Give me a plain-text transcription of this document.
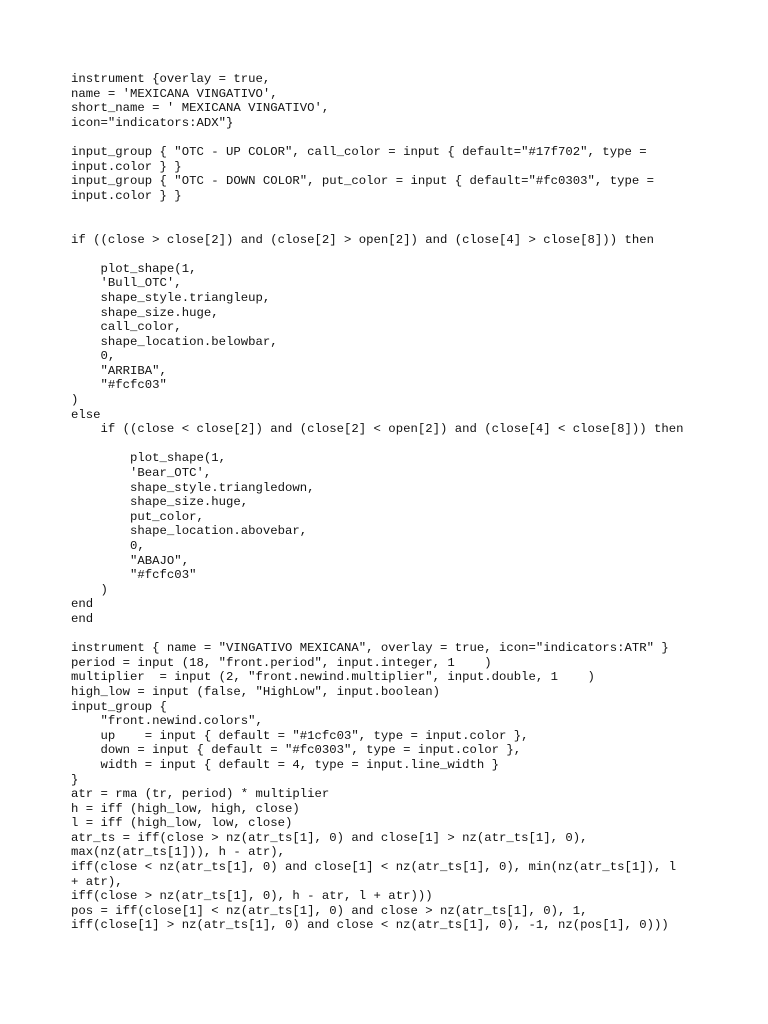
instrument {overlay = true,
name = 'MEXICANA VINGATIVO',
short_name = ' MEXICANA VINGATIVO',
icon="indicators:ADX"}
input_group { "OTC - UP COLOR", call_color = input { default="#17f702", type =
input.color } }
input_group { "OTC - DOWN COLOR", put_color = input { default="#fc0303", type =
input.color } }
if ((close > close[2]) and (close[2] > open[2]) and (close[4] > close[8])) then
plot_shape(1,
'Bull_OTC',
shape_style.triangleup,
shape_size.huge,
call_color,
shape_location.belowbar,
0,
"ARRIBA",
"#fcfc03"
)
else
if ((close < close[2]) and (close[2] < open[2]) and (close[4] < close[8])) then
plot_shape(1,
'Bear_OTC',
shape_style.triangledown,
shape_size.huge,
put_color,
shape_location.abovebar,
0,
"ABAJO",
"#fcfc03"
)
end
end
instrument { name = "VINGATIVO MEXICANA", overlay = true, icon="indicators:ATR" }
period = input (18, "front.period", input.integer, 1    )
multiplier  = input (2, "front.newind.multiplier", input.double, 1    )
high_low = input (false, "HighLow", input.boolean)
input_group {
"front.newind.colors",
up    = input { default = "#1cfc03", type = input.color },
down = input { default = "#fc0303", type = input.color },
width = input { default = 4, type = input.line_width }
}
atr = rma (tr, period) * multiplier
h = iff (high_low, high, close)
l = iff (high_low, low, close)
atr_ts = iff(close > nz(atr_ts[1], 0) and close[1] > nz(atr_ts[1], 0),
max(nz(atr_ts[1])), h - atr),
iff(close < nz(atr_ts[1], 0) and close[1] < nz(atr_ts[1], 0), min(nz(atr_ts[1]), l
+ atr),
iff(close > nz(atr_ts[1], 0), h - atr, l + atr)))
pos = iff(close[1] < nz(atr_ts[1], 0) and close > nz(atr_ts[1], 0), 1,
iff(close[1] > nz(atr_ts[1], 0) and close < nz(atr_ts[1], 0), -1, nz(pos[1], 0)))
